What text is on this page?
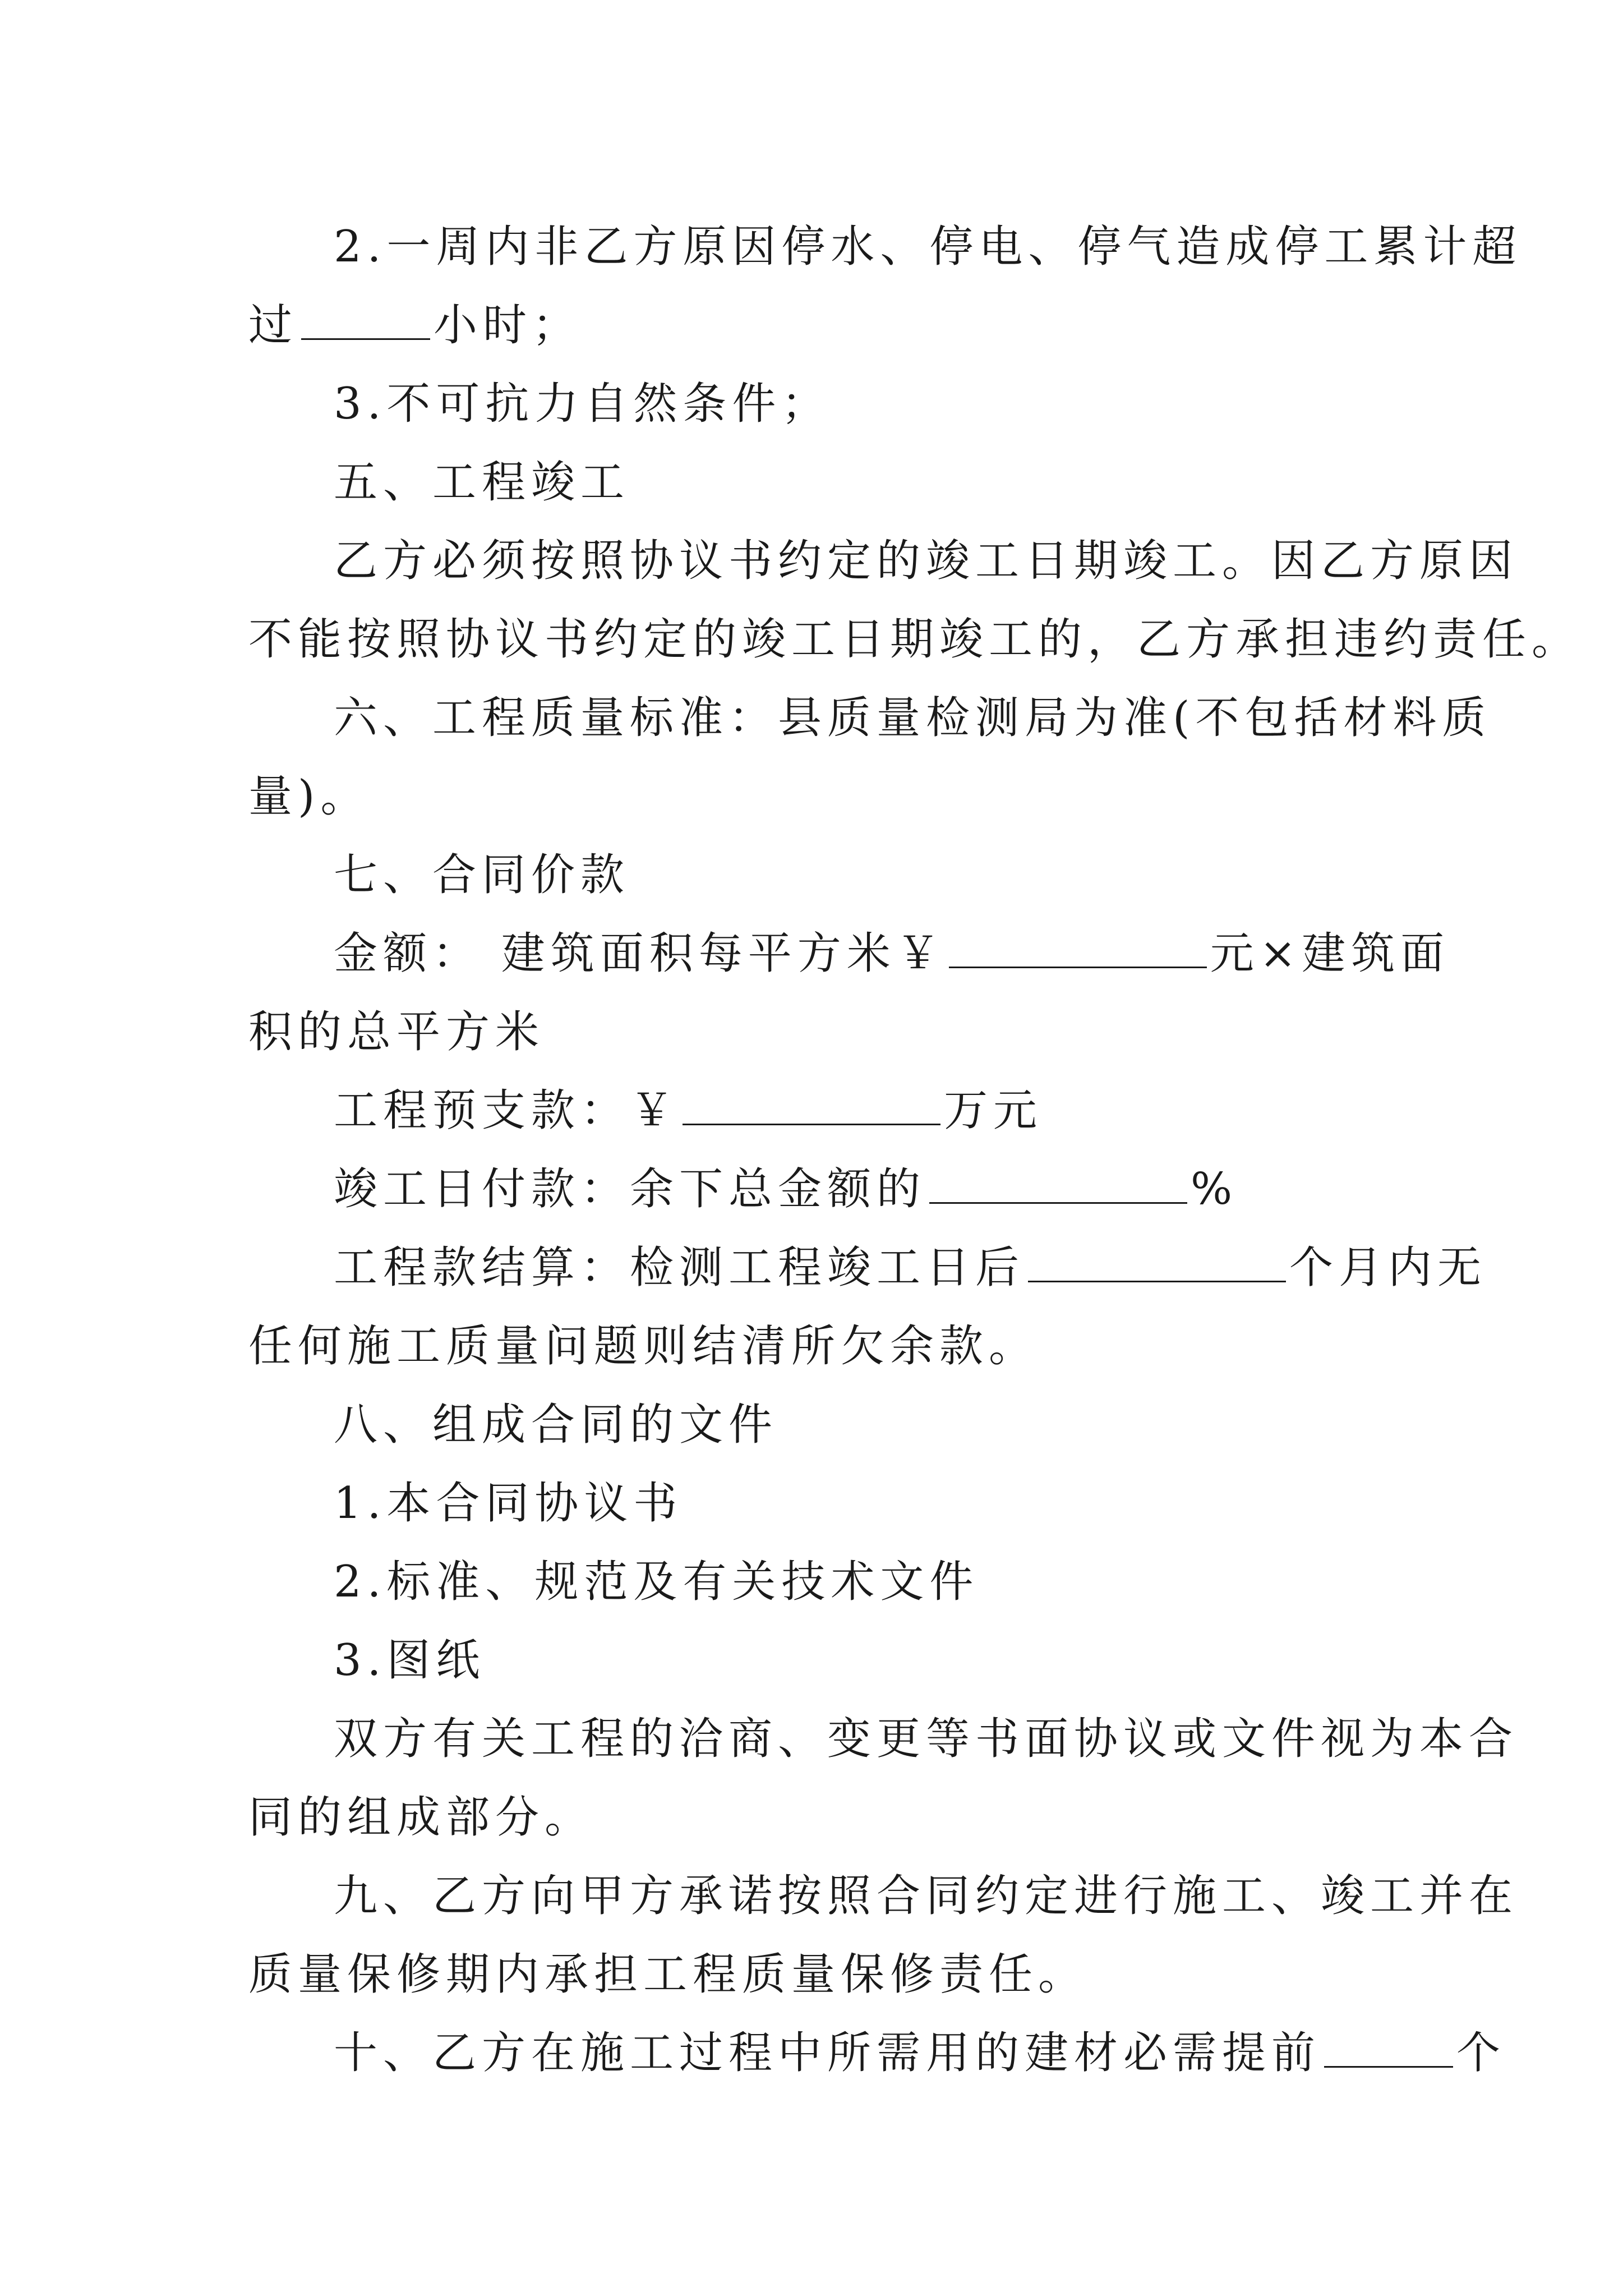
2.一周内非乙方原因停水、停电、停气造成停工累计超
过	小时；
3.不可抗力自然条件；
五、工程竣工
乙方必须按照协议书约定的竣工日期竣工。因乙方原因
不能按照协议书约定的竣工日期竣工的，乙方承担违约责任。
六、工程质量标准：县质量检测局为准(不包括材料质
量)。
七、合同价款
金额： 建筑面积每平方米￥	元×建筑面
积的总平方米
工程预支款：￥	万元
竣工日付款：余下总金额的	%
工程款结算：检测工程竣工日后	个月内无
任何施工质量问题则结清所欠余款。
八、组成合同的文件
1.本合同协议书
2.标准、规范及有关技术文件
3.图纸
双方有关工程的洽商、变更等书面协议或文件视为本合
同的组成部分。
九、乙方向甲方承诺按照合同约定进行施工、竣工并在
质量保修期内承担工程质量保修责任。
十、乙方在施工过程中所需用的建材必需提前	个
